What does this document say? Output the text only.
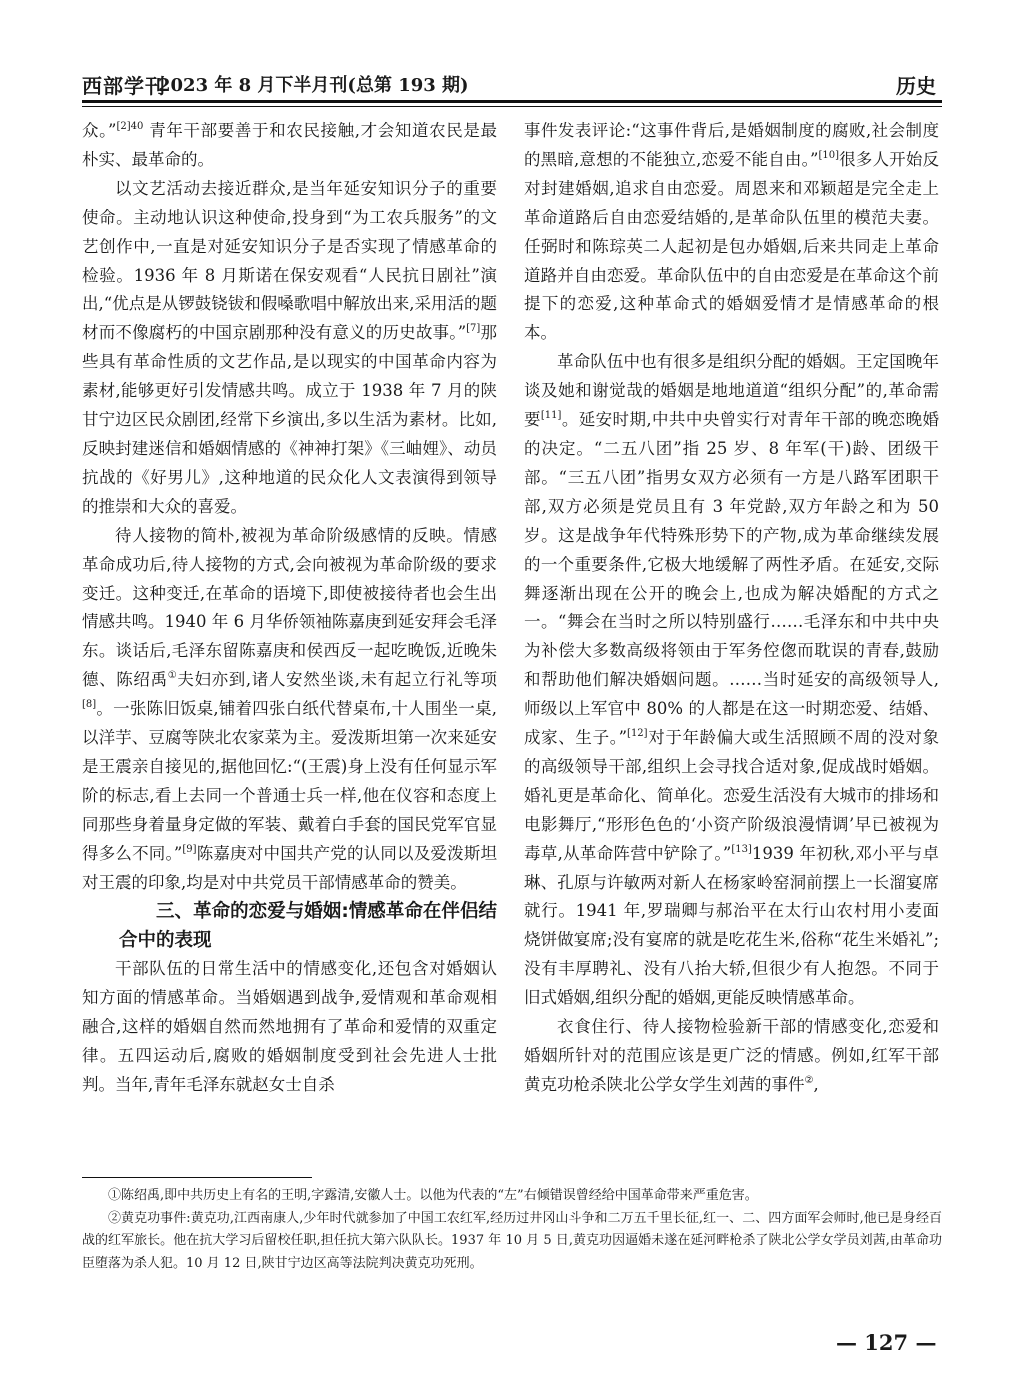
西部学刊
2023 年 8 月下半月刊(总第 193 期)	历史

众。”$^{[2]40}$ 青年干部要善于和农民接触,才会知道农民是最朴实、最革命的。

以文艺活动去接近群众,是当年延安知识分子的重要使命。主动地认识这种使命,投身到“为工农兵服务”的文艺创作中,一直是对延安知识分子是否实现了情感革命的检验。1936 年 8 月斯诺在保安观看“人民抗日剧社”演出,“优点是从锣鼓铙钹和假嗓歌唱中解放出来,采用活的题材而不像腐朽的中国京剧那种没有意义的历史故事。”[7]那些具有革命性质的文艺作品,是以现实的中国革命内容为素材,能够更好引发情感共鸣。成立于 1938 年 7 月的陕甘宁边区民众剧团,经常下乡演出,多以生活为素材。比如,反映封建迷信和婚姻情感的《神神打架》《三岫娌》、动员抗战的《好男儿》,这种地道的民众化人文表演得到领导的推崇和大众的喜爱。

待人接物的简朴,被视为革命阶级感情的反映。情感革命成功后,待人接物的方式,会向被视为革命阶级的要求变迁。这种变迁,在革命的语境下,即使被接待者也会生出情感共鸣。1940 年 6 月华侨领袖陈嘉庚到延安拜会毛泽东。谈话后,毛泽东留陈嘉庚和侯西反一起吃晚饭,近晚朱德、陈绍禹①夫妇亦到,诸人安然坐谈,未有起立行礼等项[8]。一张陈旧饭桌,铺着四张白纸代替桌布,十人围坐一桌,以洋芋、豆腐等陕北农家菜为主。爱泼斯坦第一次来延安是王震亲自接见的,据他回忆:“(王震)身上没有任何显示军阶的标志,看上去同一个普通士兵一样,他在仪容和态度上同那些身着量身定做的军装、戴着白手套的国民党军官显得多么不同。”[9]陈嘉庚对中国共产党的认同以及爱泼斯坦对王震的印象,均是对中共党员干部情感革命的赞美。

三、革命的恋爱与婚姻:情感革命在伴侣结合中的表现

干部队伍的日常生活中的情感变化,还包含对婚姻认知方面的情感革命。当婚姻遇到战争,爱情观和革命观相融合,这样的婚姻自然而然地拥有了革命和爱情的双重定律。五四运动后,腐败的婚姻制度受到社会先进人士批判。当年,青年毛泽东就赵女士自杀

事件发表评论:“这事件背后,是婚姻制度的腐败,社会制度的黑暗,意想的不能独立,恋爱不能自由。”[10]很多人开始反对封建婚姻,追求自由恋爱。周恩来和邓颖超是完全走上革命道路后自由恋爱结婚的,是革命队伍里的模范夫妻。任弼时和陈琮英二人起初是包办婚姻,后来共同走上革命道路并自由恋爱。革命队伍中的自由恋爱是在革命这个前提下的恋爱,这种革命式的婚姻爱情才是情感革命的根本。

革命队伍中也有很多是组织分配的婚姻。王定国晚年谈及她和谢觉哉的婚姻是地地道道“组织分配”的,革命需要[11]。延安时期,中共中央曾实行对青年干部的晚恋晚婚的决定。“二五八团”指 25 岁、8 年军(干)龄、团级干部。“三五八团”指男女双方必须有一方是八路军团职干部,双方必须是党员且有 3 年党龄,双方年龄之和为 50 岁。这是战争年代特殊形势下的产物,成为革命继续发展的一个重要条件,它极大地缓解了两性矛盾。在延安,交际舞逐渐出现在公开的晚会上,也成为解决婚配的方式之一。“舞会在当时之所以特别盛行……毛泽东和中共中央为补偿大多数高级将领由于军务倥偬而耽误的青春,鼓励和帮助他们解决婚姻问题。……当时延安的高级领导人,师级以上军官中 80% 的人都是在这一时期恋爱、结婚、成家、生子。”[12]对于年龄偏大或生活照顾不周的没对象的高级领导干部,组织上会寻找合适对象,促成战时婚姻。婚礼更是革命化、简单化。恋爱生活没有大城市的排场和电影舞厅,“形形色色的‘小资产阶级浪漫情调’早已被视为毒草,从革命阵营中铲除了。”[13]1939 年初秋,邓小平与卓琳、孔原与许敏两对新人在杨家岭窑洞前摆上一长溜宴席就行。1941 年,罗瑞卿与郝治平在太行山农村用小麦面烧饼做宴席;没有宴席的就是吃花生米,俗称“花生米婚礼”;没有丰厚聘礼、没有八抬大轿,但很少有人抱怨。不同于旧式婚姻,组织分配的婚姻,更能反映情感革命。

衣食住行、待人接物检验新干部的情感变化,恋爱和婚姻所针对的范围应该是更广泛的情感。例如,红军干部黄克功枪杀陕北公学女学生刘茜的事件②,

①陈绍禹,即中共历史上有名的王明,字露清,安徽人士。以他为代表的“左”右倾错误曾经给中国革命带来严重危害。

②黄克功事件:黄克功,江西南康人,少年时代就参加了中国工农红军,经历过井冈山斗争和二万五千里长征,红一、二、四方面军会师时,他已是身经百战的红军旅长。他在抗大学习后留校任职,担任抗大第六队队长。1937 年 10 月 5 日,黄克功因逼婚未遂在延河畔枪杀了陕北公学女学员刘茜,由革命功臣堕落为杀人犯。10 月 12 日,陕甘宁边区高等法院判决黄克功死刑。

— 127 —
